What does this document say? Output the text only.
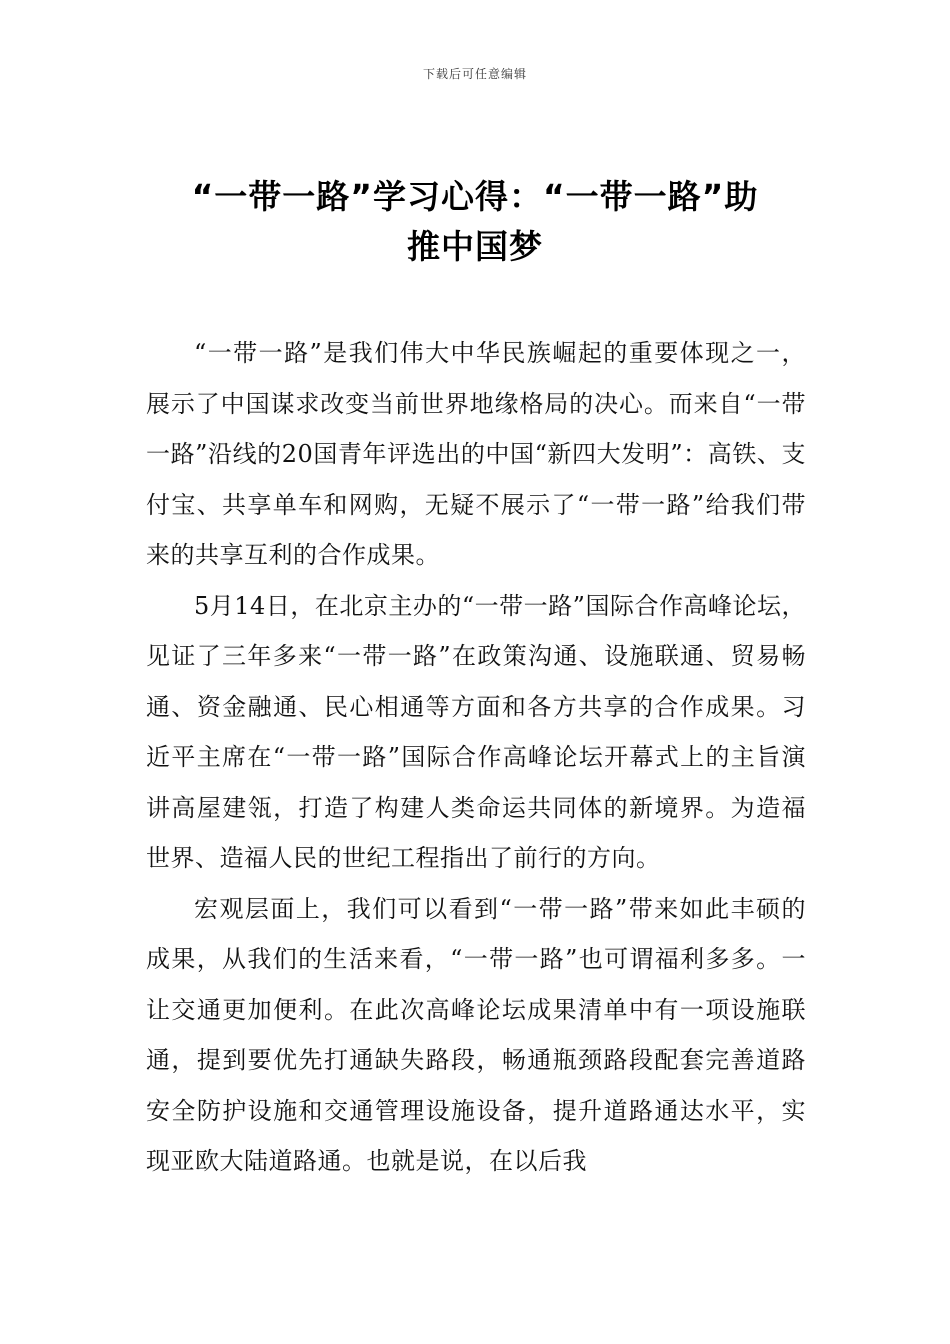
下载后可任意编辑
“一带一路”学习心得：“一带一路”助
推中国梦

“一带一路”是我们伟大中华民族崛起的重要体现之一，展示了中国谋求改变当前世界地缘格局的决心。而来自“一带一路”沿线的20国青年评选出的中国“新四大发明”：高铁、支付宝、共享单车和网购，无疑不展示了“一带一路”给我们带来的共享互利的合作成果。

5月14日，在北京主办的“一带一路”国际合作高峰论坛，见证了三年多来“一带一路”在政策沟通、设施联通、贸易畅通、资金融通、民心相通等方面和各方共享的合作成果。习近平主席在“一带一路”国际合作高峰论坛开幕式上的主旨演讲高屋建瓴，打造了构建人类命运共同体的新境界。为造福世界、造福人民的世纪工程指出了前行的方向。

宏观层面上，我们可以看到“一带一路”带来如此丰硕的成果，从我们的生活来看，“一带一路”也可谓福利多多。一让交通更加便利。在此次高峰论坛成果清单中有一项设施联通，提到要优先打通缺失路段，畅通瓶颈路段配套完善道路安全防护设施和交通管理设施设备，提升道路通达水平，实现亚欧大陆道路通。也就是说，在以后我
